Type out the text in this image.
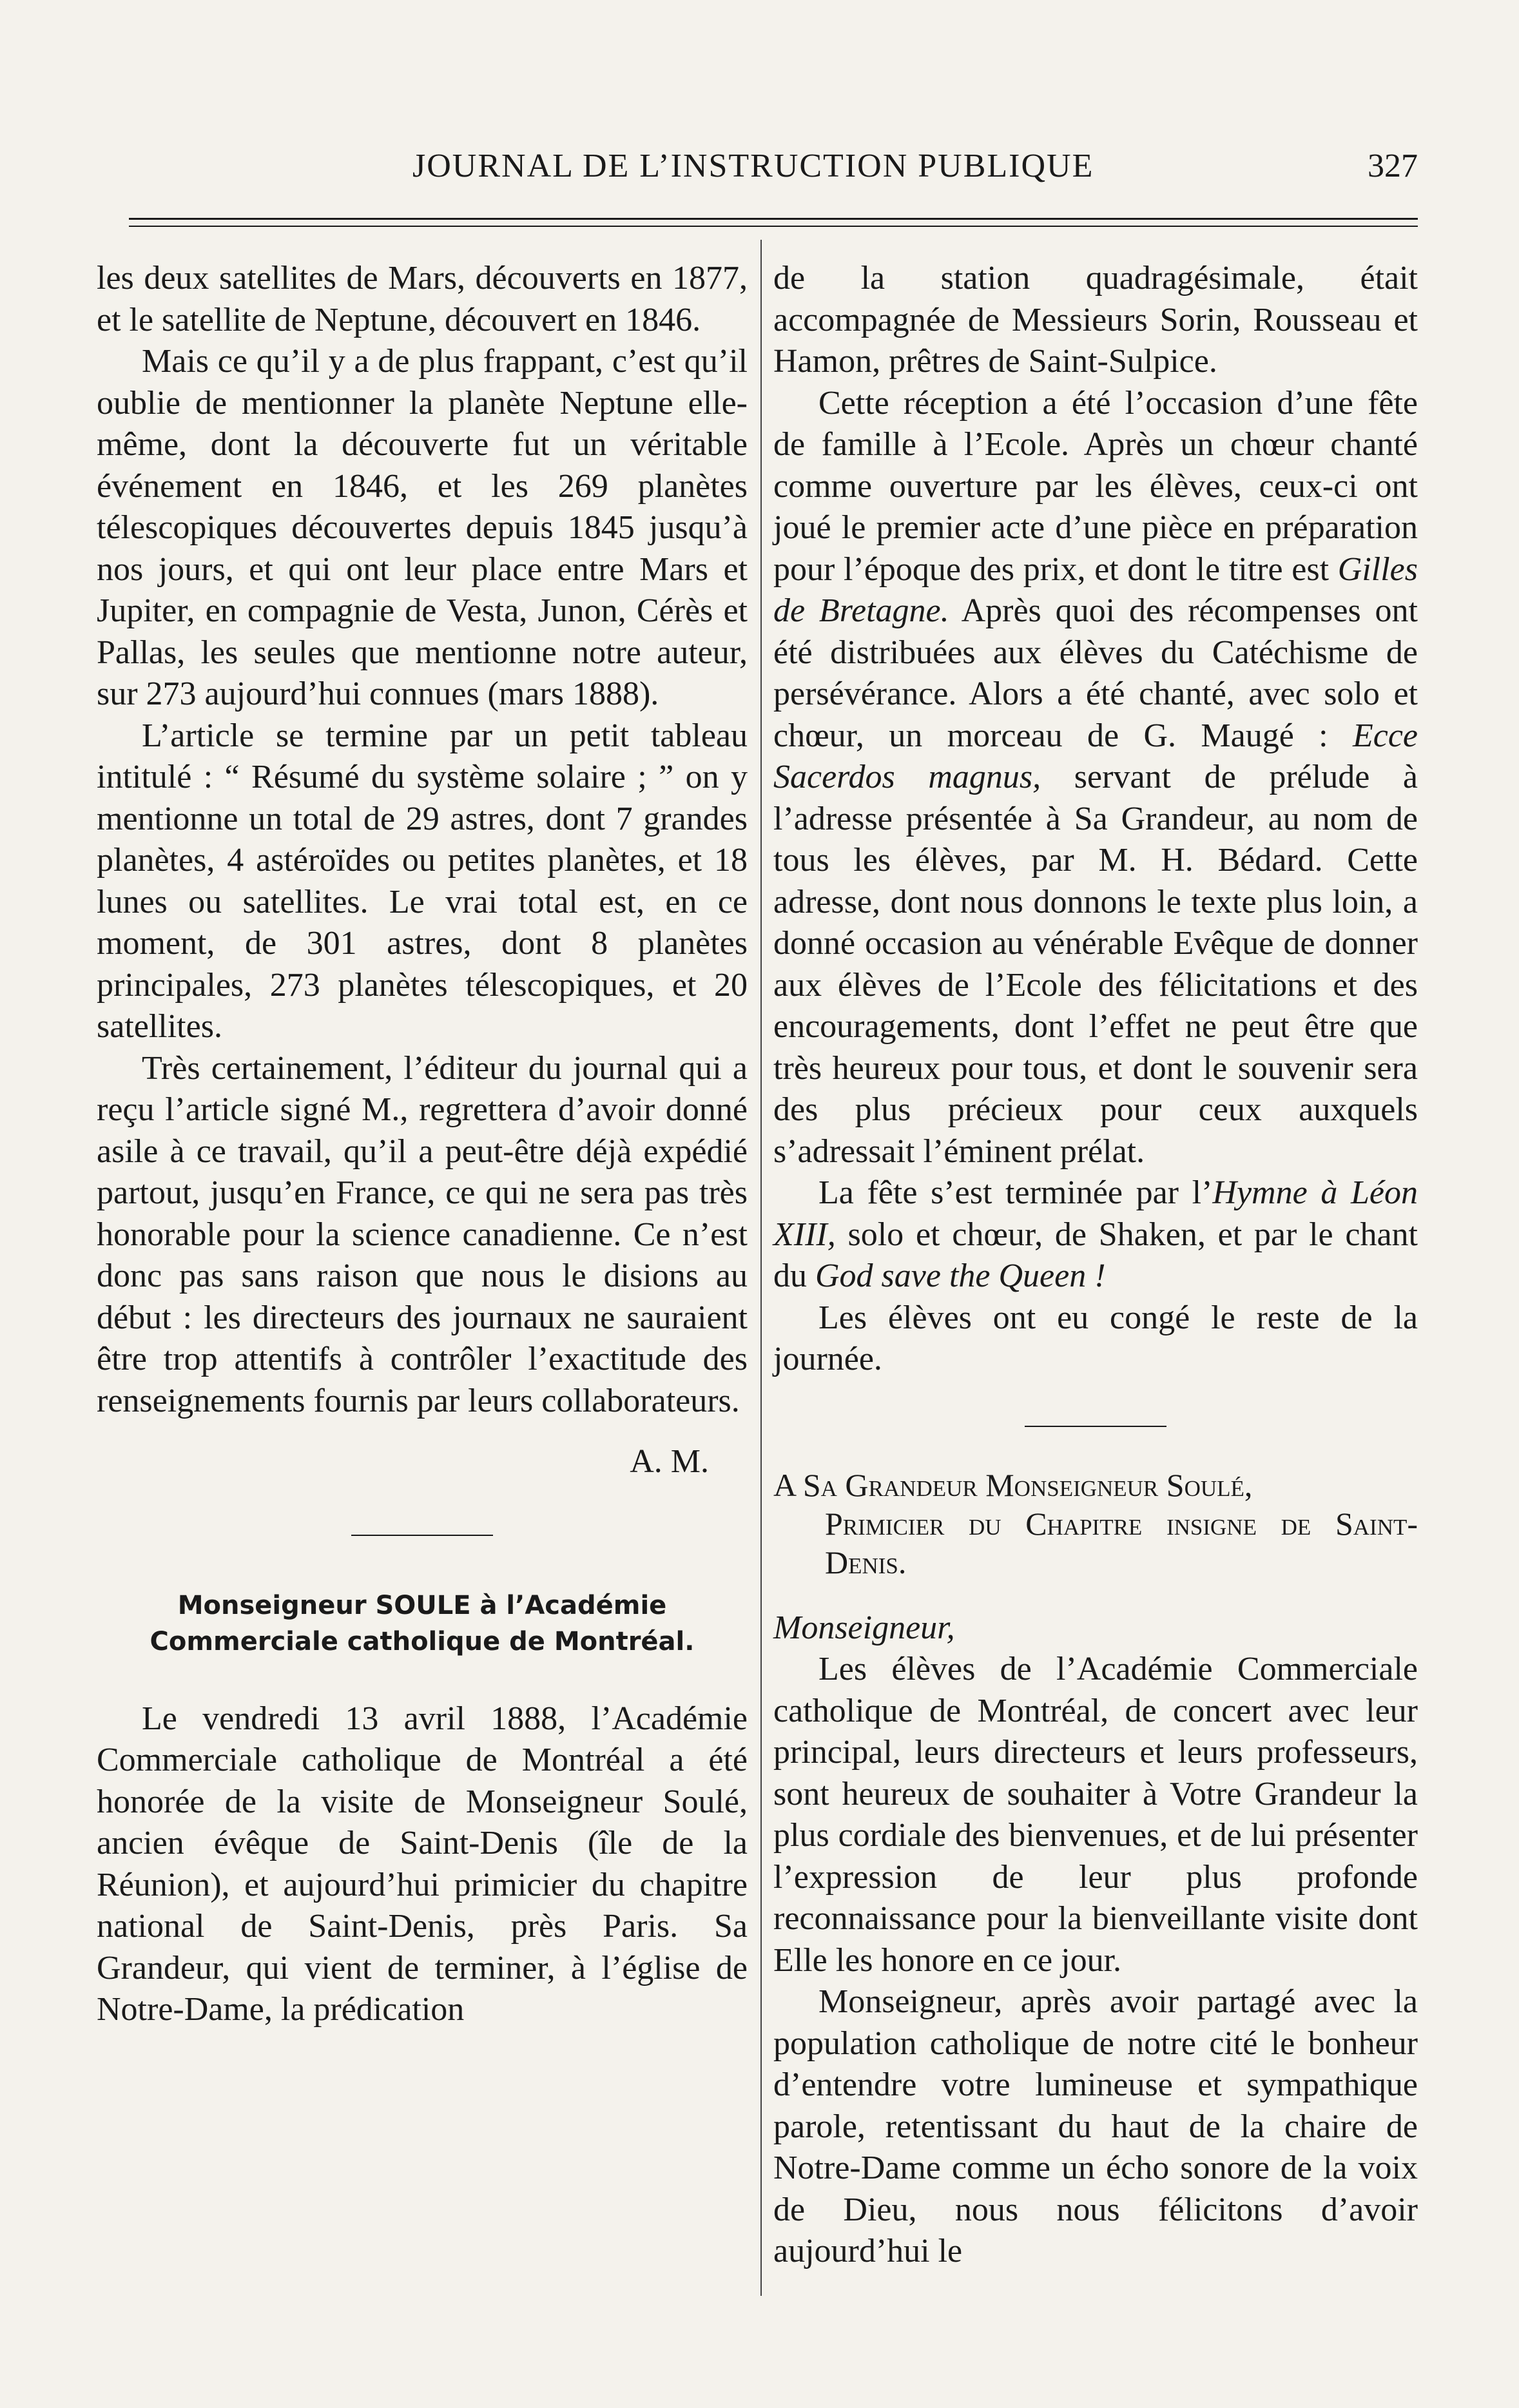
JOURNAL DE L’INSTRUCTION PUBLIQUE	327

les deux satellites de Mars, découverts en 1877, et le satellite de Neptune, découvert en 1846.

Mais ce qu’il y a de plus frappant, c’est qu’il oublie de mentionner la planète Neptune elle-même, dont la découverte fut un véritable événement en 1846, et les 269 planètes télescopiques découvertes depuis 1845 jusqu’à nos jours, et qui ont leur place entre Mars et Jupiter, en compagnie de Vesta, Junon, Cérès et Pallas, les seules que mentionne notre auteur, sur 273 aujourd’hui connues (mars 1888).

L’article se termine par un petit tableau intitulé : “ Résumé du système solaire ; ” on y mentionne un total de 29 astres, dont 7 grandes planètes, 4 astéroïdes ou petites planètes, et 18 lunes ou satellites. Le vrai total est, en ce moment, de 301 astres, dont 8 planètes principales, 273 planètes télescopiques, et 20 satellites.

Très certainement, l’éditeur du journal qui a reçu l’article signé M., regrettera d’avoir donné asile à ce travail, qu’il a peut-être déjà expédié partout, jusqu’en France, ce qui ne sera pas très honorable pour la science canadienne. Ce n’est donc pas sans raison que nous le disions au début : les directeurs des journaux ne sauraient être trop attentifs à contrôler l’exactitude des renseignements fournis par leurs collaborateurs.

A. M.
Monseigneur SOULE à l’Académie Commerciale catholique de Montréal.

Le vendredi 13 avril 1888, l’Académie Commerciale catholique de Montréal a été honorée de la visite de Monseigneur Soulé, ancien évêque de Saint-Denis (île de la Réunion), et aujourd’hui primicier du chapitre national de Saint-Denis, près Paris. Sa Grandeur, qui vient de terminer, à l’église de Notre-Dame, la prédication

de la station quadragésimale, était accompagnée de Messieurs Sorin, Rousseau et Hamon, prêtres de Saint-Sulpice.

Cette réception a été l’occasion d’une fête de famille à l’Ecole. Après un chœur chanté comme ouverture par les élèves, ceux-ci ont joué le premier acte d’une pièce en préparation pour l’époque des prix, et dont le titre est Gilles de Bretagne. Après quoi des récompenses ont été distribuées aux élèves du Catéchisme de persévérance. Alors a été chanté, avec solo et chœur, un morceau de G. Maugé : Ecce Sacerdos magnus, servant de prélude à l’adresse présentée à Sa Grandeur, au nom de tous les élèves, par M. H. Bédard. Cette adresse, dont nous donnons le texte plus loin, a donné occasion au vénérable Evêque de donner aux élèves de l’Ecole des félicitations et des encouragements, dont l’effet ne peut être que très heureux pour tous, et dont le souvenir sera des plus précieux pour ceux auxquels s’adressait l’éminent prélat.

La fête s’est terminée par l’Hymne à Léon XIII, solo et chœur, de Shaken, et par le chant du God save the Queen !

Les élèves ont eu congé le reste de la journée.

A Sa Grandeur Monseigneur Soulé,
Primicier du Chapitre insigne de Saint-Denis.

Monseigneur,

Les élèves de l’Académie Commerciale catholique de Montréal, de concert avec leur principal, leurs directeurs et leurs professeurs, sont heureux de souhaiter à Votre Grandeur la plus cordiale des bienvenues, et de lui présenter l’expression de leur plus profonde reconnaissance pour la bienveillante visite dont Elle les honore en ce jour.

Monseigneur, après avoir partagé avec la population catholique de notre cité le bonheur d’entendre votre lumineuse et sympathique parole, retentissant du haut de la chaire de Notre-Dame comme un écho sonore de la voix de Dieu, nous nous félicitons d’avoir aujourd’hui le
